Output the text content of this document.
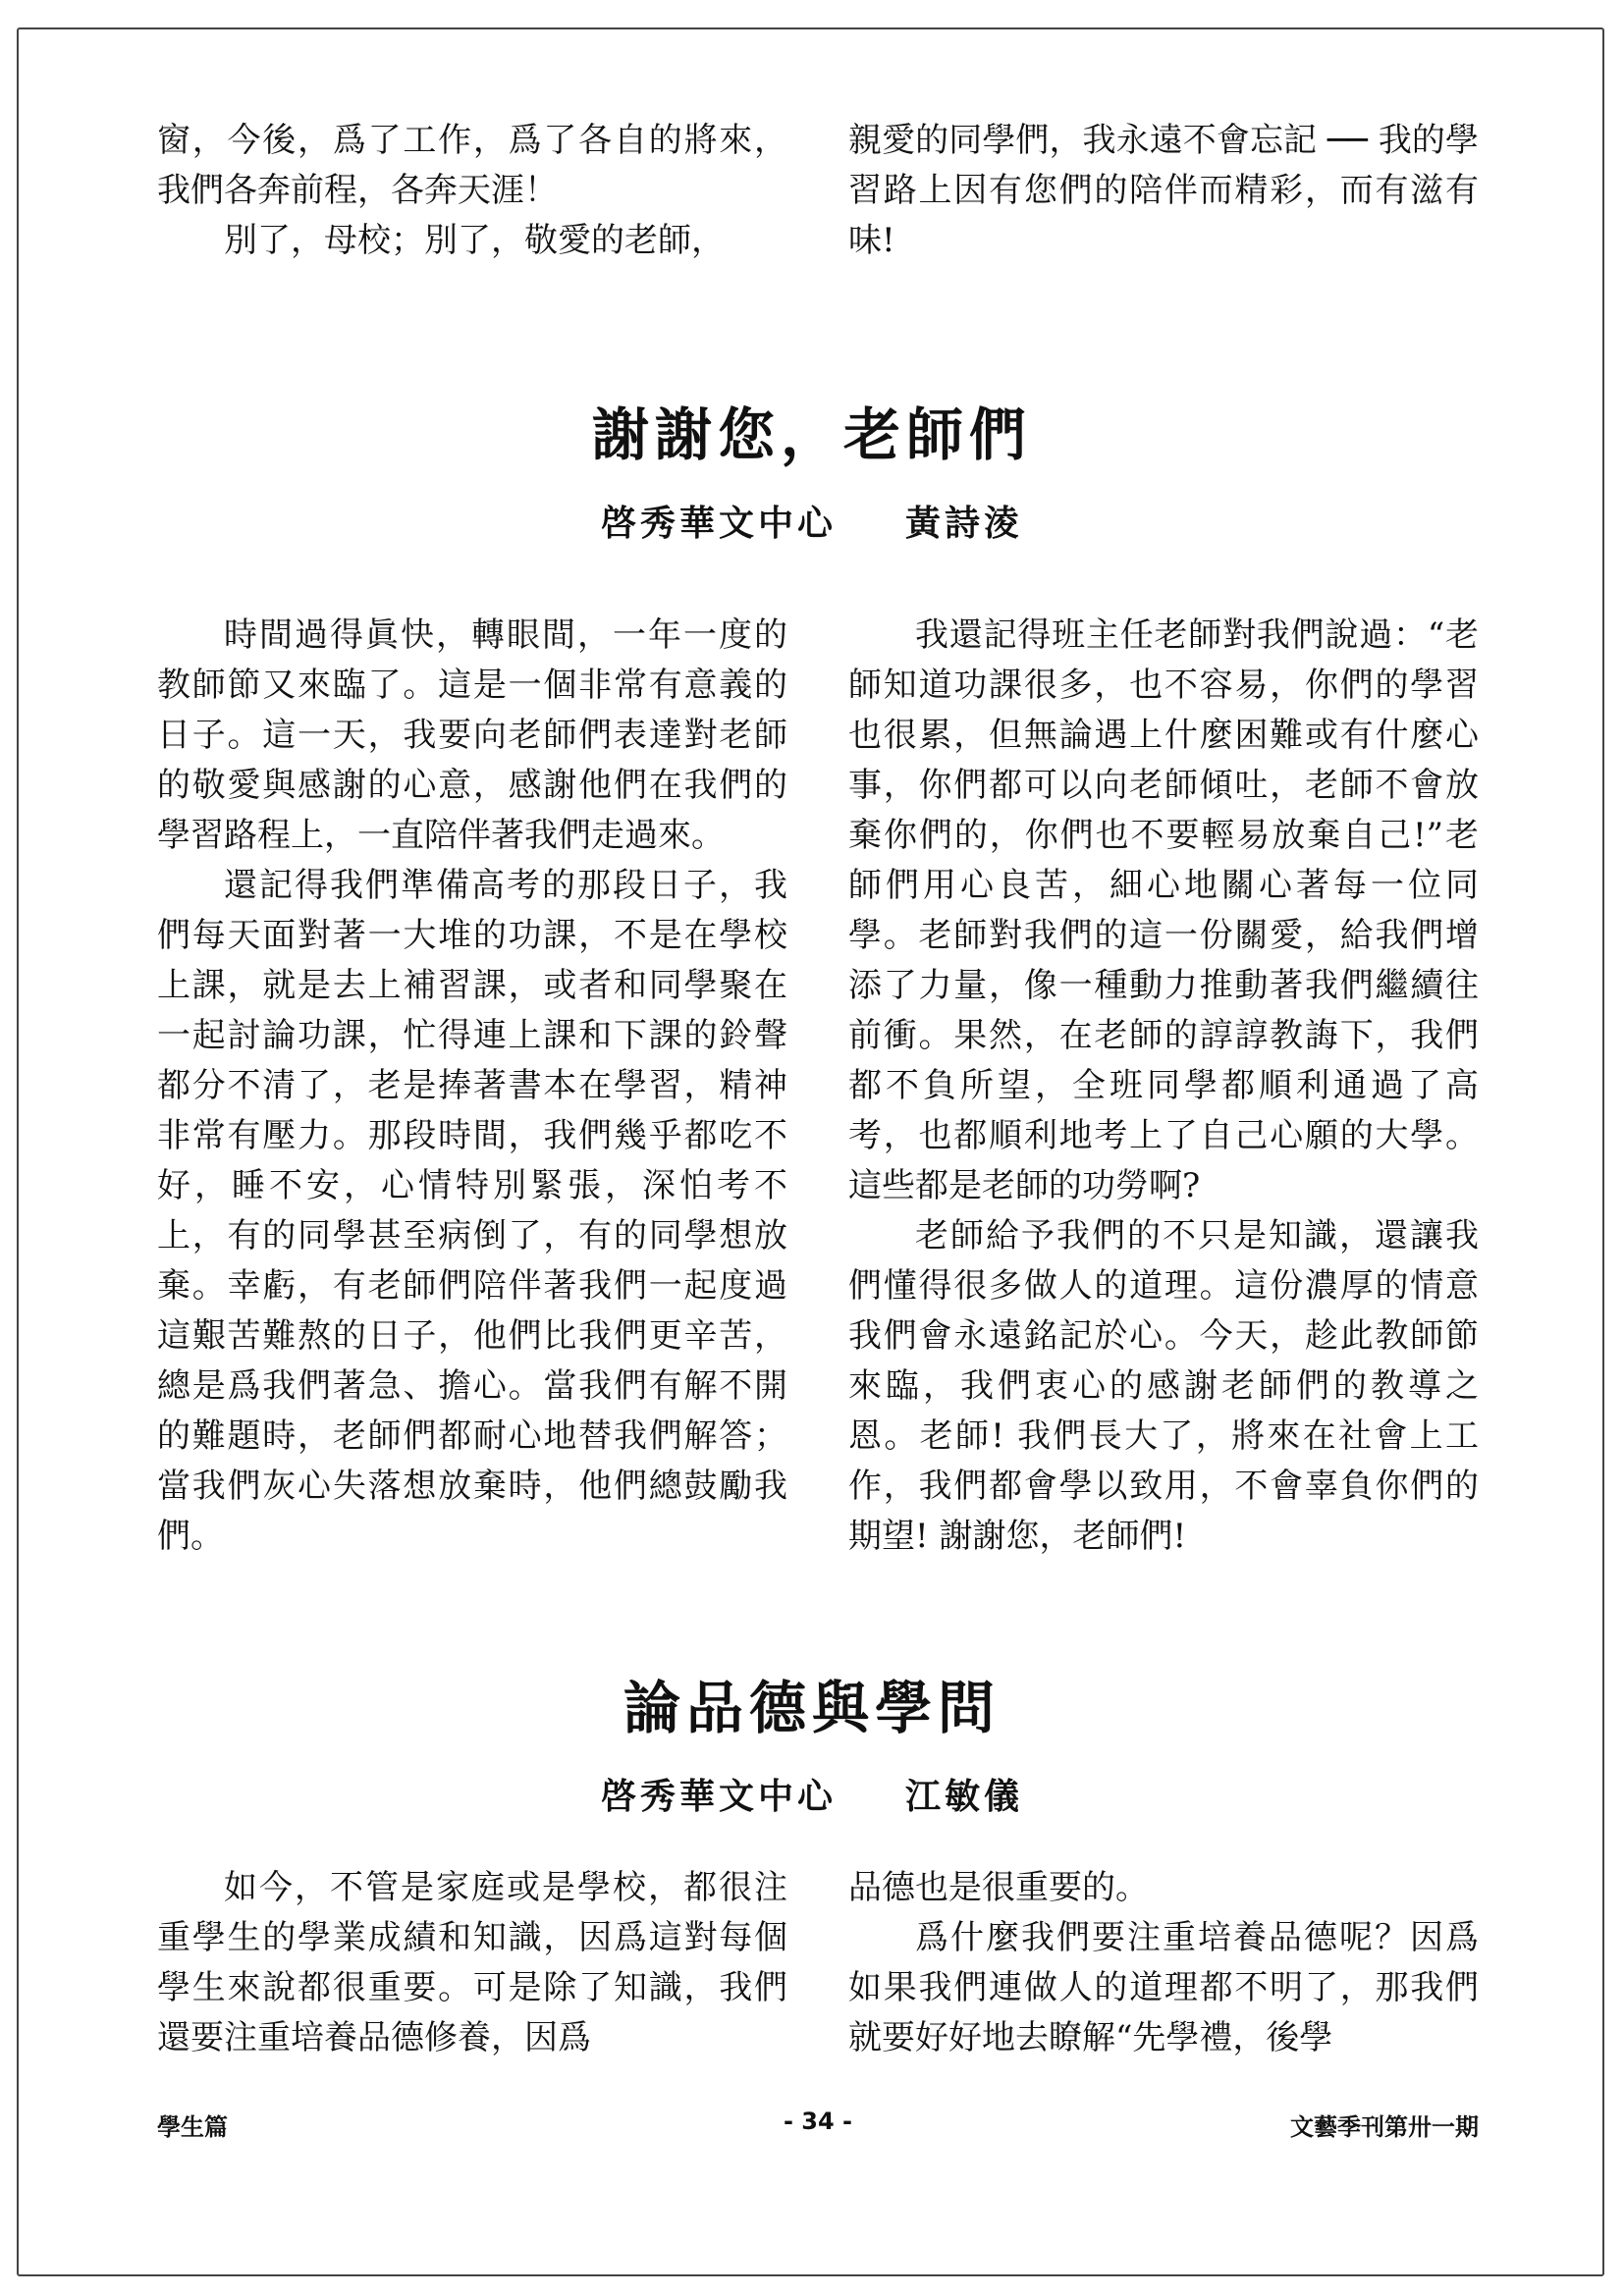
窗，今後，爲了工作，爲了各自的將來，我們各奔前程，各奔天涯！

別了，母校；別了，敬愛的老師，

親愛的同學們，我永遠不會忘記 ── 我的學習路上因有您們的陪伴而精彩，而有滋有味!

謝謝您，老師們
啓秀華文中心 黃詩淩

時間過得眞快，轉眼間，一年一度的教師節又來臨了。這是一個非常有意義的日子。這一天，我要向老師們表達對老師的敬愛與感謝的心意，感謝他們在我們的學習路程上，一直陪伴著我們走過來。

還記得我們準備高考的那段日子，我們每天面對著一大堆的功課，不是在學校上課，就是去上補習課，或者和同學聚在一起討論功課，忙得連上課和下課的鈴聲都分不清了，老是捧著書本在學習，精神非常有壓力。那段時間，我們幾乎都吃不好，睡不安，心情特別緊張，深怕考不上，有的同學甚至病倒了，有的同學想放棄。幸虧，有老師們陪伴著我們一起度過這艱苦難熬的日子，他們比我們更辛苦，總是爲我們著急、擔心。當我們有解不開的難題時，老師們都耐心地替我們解答；當我們灰心失落想放棄時，他們總鼓勵我們。

我還記得班主任老師對我們說過：“老師知道功課很多，也不容易，你們的學習也很累，但無論遇上什麼困難或有什麼心事，你們都可以向老師傾吐，老師不會放棄你們的，你們也不要輕易放棄自己!”老師們用心良苦，細心地關心著每一位同學。老師對我們的這一份關愛，給我們增添了力量，像一種動力推動著我們繼續往前衝。果然，在老師的諄諄教誨下，我們都不負所望，全班同學都順利通過了高考，也都順利地考上了自己心願的大學。這些都是老師的功勞啊?

老師給予我們的不只是知識，還讓我們懂得很多做人的道理。這份濃厚的情意我們會永遠銘記於心。今天，趁此教師節來臨，我們衷心的感謝老師們的教導之恩。老師! 我們長大了，將來在社會上工作，我們都會學以致用，不會辜負你們的期望! 謝謝您，老師們!

論品德與學問
啓秀華文中心 江敏儀

如今，不管是家庭或是學校，都很注重學生的學業成績和知識，因爲這對每個學生來說都很重要。可是除了知識，我們還要注重培養品德修養，因爲

品德也是很重要的。

爲什麼我們要注重培養品德呢？因爲如果我們連做人的道理都不明了，那我們就要好好地去瞭解“先學禮，後學

學生篇	- 34 -	文藝季刊第卅一期
